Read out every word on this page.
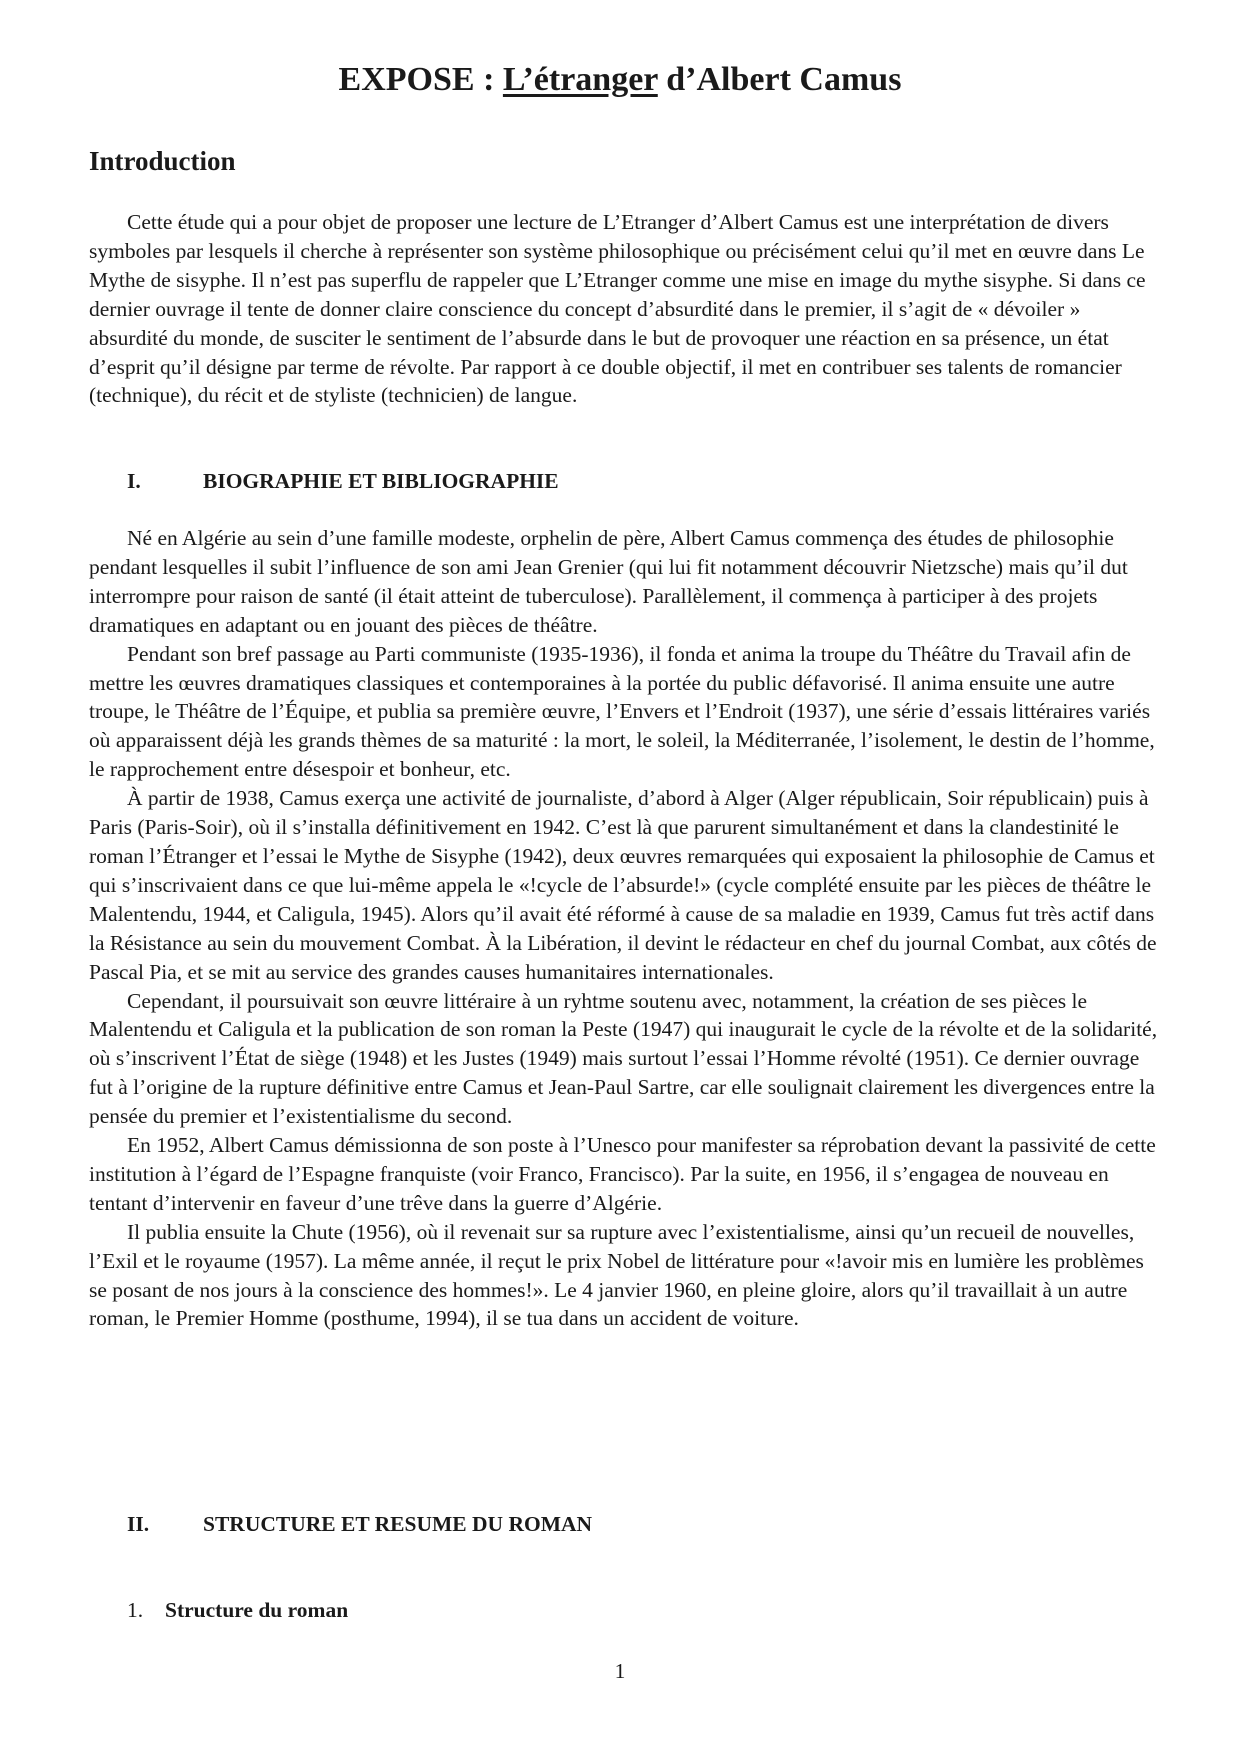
EXPOSE : L’étranger d’Albert Camus
Introduction

Cette étude qui a pour objet de proposer une lecture de L’Etranger d’Albert Camus est une interprétation de divers symboles par lesquels il cherche à représenter son système philosophique ou précisément celui qu’il met en œuvre dans Le Mythe de sisyphe. Il n’est pas superflu de rappeler que L’Etranger comme une mise en image du mythe sisyphe. Si dans ce dernier ouvrage il tente de donner claire conscience du concept d’absurdité dans le premier, il s’agit de « dévoiler » absurdité du monde, de susciter le sentiment de l’absurde dans le but de provoquer une réaction en sa présence, un état d’esprit qu’il désigne par terme de révolte. Par rapport à ce double objectif, il met en contribuer ses talents de romancier (technique), du récit et de styliste (technicien) de langue.

I.	BIOGRAPHIE ET BIBLIOGRAPHIE

Né en Algérie au sein d’une famille modeste, orphelin de père, Albert Camus commença des études de philosophie pendant lesquelles il subit l’influence de son ami Jean Grenier (qui lui fit notamment découvrir Nietzsche) mais qu’il dut interrompre pour raison de santé (il était atteint de tuberculose). Parallèlement, il commença à participer à des projets dramatiques en adaptant ou en jouant des pièces de théâtre.

Pendant son bref passage au Parti communiste (1935-1936), il fonda et anima la troupe du Théâtre du Travail afin de mettre les œuvres dramatiques classiques et contemporaines à la portée du public défavorisé. Il anima ensuite une autre troupe, le Théâtre de l’Équipe, et publia sa première œuvre, l’Envers et l’Endroit (1937), une série d’essais littéraires variés où apparaissent déjà les grands thèmes de sa maturité : la mort, le soleil, la Méditerranée, l’isolement, le destin de l’homme, le rapprochement entre désespoir et bonheur, etc.

À partir de 1938, Camus exerça une activité de journaliste, d’abord à Alger (Alger républicain, Soir républicain) puis à Paris (Paris-Soir), où il s’installa définitivement en 1942. C’est là que parurent simultanément et dans la clandestinité le roman l’Étranger et l’essai le Mythe de Sisyphe (1942), deux œuvres remarquées qui exposaient la philosophie de Camus et qui s’inscrivaient dans ce que lui-même appela le «!cycle de l’absurde!» (cycle complété ensuite par les pièces de théâtre le Malentendu, 1944, et Caligula, 1945). Alors qu’il avait été réformé à cause de sa maladie en 1939, Camus fut très actif dans la Résistance au sein du mouvement Combat. À la Libération, il devint le rédacteur en chef du journal Combat, aux côtés de Pascal Pia, et se mit au service des grandes causes humanitaires internationales.

Cependant, il poursuivait son œuvre littéraire à un ryhtme soutenu avec, notamment, la création de ses pièces le Malentendu et Caligula et la publication de son roman la Peste (1947) qui inaugurait le cycle de la révolte et de la solidarité, où s’inscrivent l’État de siège (1948) et les Justes (1949) mais surtout l’essai l’Homme révolté (1951). Ce dernier ouvrage fut à l’origine de la rupture définitive entre Camus et Jean-Paul Sartre, car elle soulignait clairement les divergences entre la pensée du premier et l’existentialisme du second.

En 1952, Albert Camus démissionna de son poste à l’Unesco pour manifester sa réprobation devant la passivité de cette institution à l’égard de l’Espagne franquiste (voir Franco, Francisco). Par la suite, en 1956, il s’engagea de nouveau en tentant d’intervenir en faveur d’une trêve dans la guerre d’Algérie.

Il publia ensuite la Chute (1956), où il revenait sur sa rupture avec l’existentialisme, ainsi qu’un recueil de nouvelles, l’Exil et le royaume (1957). La même année, il reçut le prix Nobel de littérature pour «!avoir mis en lumière les problèmes se posant de nos jours à la conscience des hommes!». Le 4 janvier 1960, en pleine gloire, alors qu’il travaillait à un autre roman, le Premier Homme (posthume, 1994), il se tua dans un accident de voiture.

II.	STRUCTURE ET RESUME DU ROMAN

1. Structure du roman

1
